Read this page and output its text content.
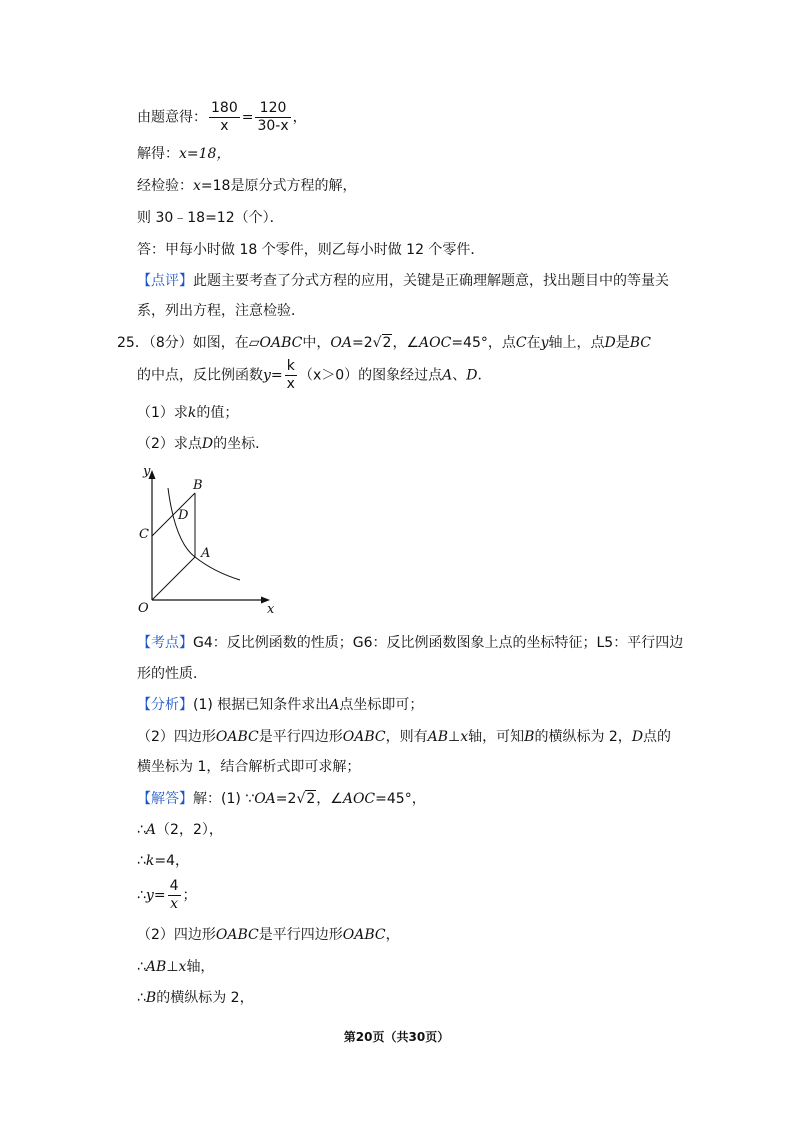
由题意得： $\frac{180}{x} = \frac{120}{30-x}$ ，
解得：x=18，
经检验：x=18是原分式方程的解，
则 30﹣18=12（个）．
答：甲每小时做 18 个零件，则乙每小时做 12 个零件．
【点评】此题主要考查了分式方程的应用，关键是正确理解题意，找出题目中的等量关
系，列出方程，注意检验．
25．（8分）如图，在▱OABC中，OA=2√2，∠AOC=45°，点C在y轴上，点D是BC
的中点，反比例函数$y= \frac{k}{x} (x>0)$的图象经过点A、D．
（1）求k的值；
（2）求点D的坐标．
y
x
O
A
B
C
D
【考点】G4：反比例函数的性质；G6：反比例函数图象上点的坐标特征；L5：平行四边
形的性质．
【分析】(1) 根据已知条件求出A点坐标即可；
（2）四边形OABC是平行四边形OABC，则有AB⊥x轴，可知B的横纵标为 2，D点的
横坐标为 1，结合解析式即可求解；
【解答】解：(1) ∵OA=2√2，∠AOC=45°，
∴A（2，2），
∴k=4，
∴y= $\frac{4}{x}$ ；
（2）四边形OABC是平行四边形OABC，
∴AB⊥x轴，
∴B的横纵标为 2，
第20页（共30页）
